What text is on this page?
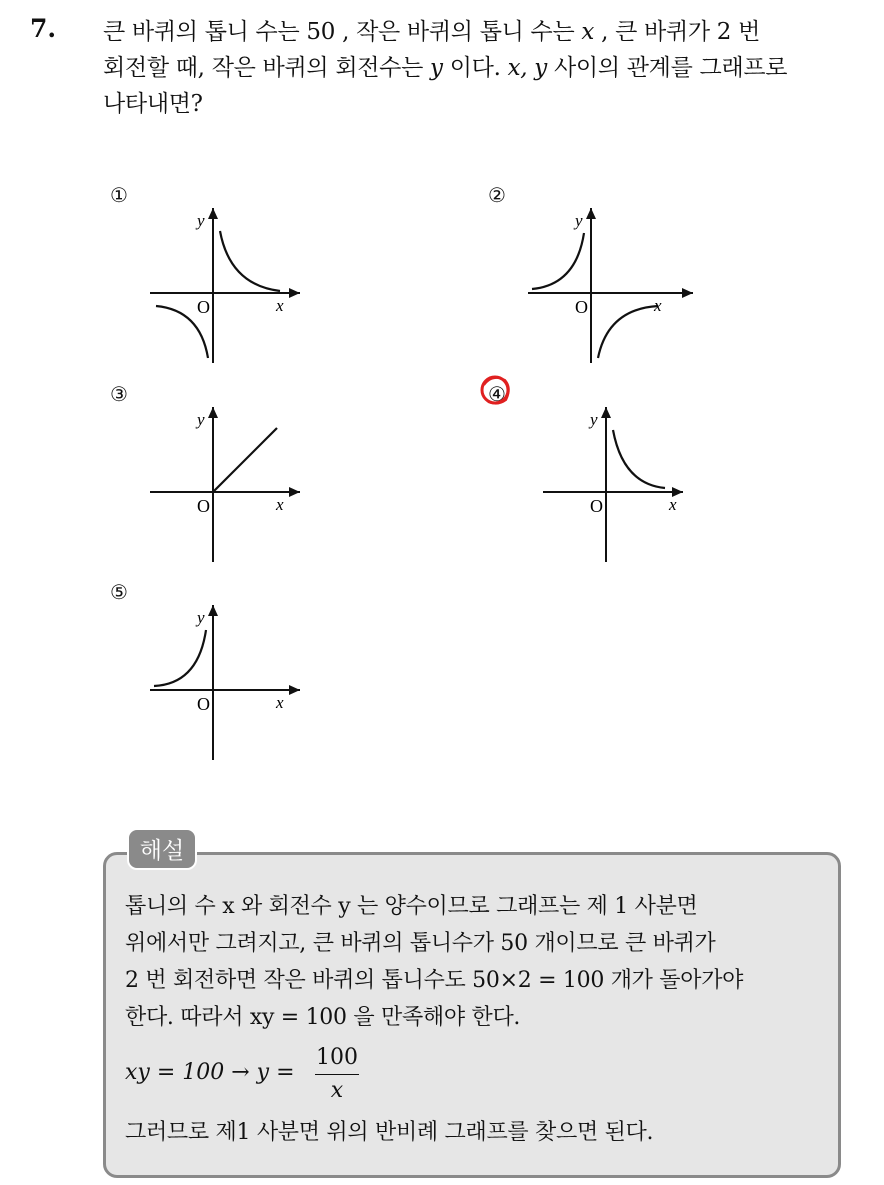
7. 큰 바퀴의 톱니 수는 50 , 작은 바퀴의 톱니 수는 x , 큰 바퀴가 2 번
회전할 때, 작은 바퀴의 회전수는 y 이다. x, y 사이의 관계를 그래프로
나타내면?
①
y
x
O
②
y
x
O
③
y
x
O
④
y
x
O
⑤
y
x
O
해설
톱니의 수 x 와 회전수 y 는 양수이므로 그래프는 제 1 사분면
위에서만 그려지고, 큰 바퀴의 톱니수가 50 개이므로 큰 바퀴가
2 번 회전하면 작은 바퀴의 톱니수도 50×2 = 100 개가 돌아가야
한다. 따라서 xy = 100 을 만족해야 한다.
xy = 100 → y =
100
x
그러므로 제1 사분면 위의 반비례 그래프를 찾으면 된다.
